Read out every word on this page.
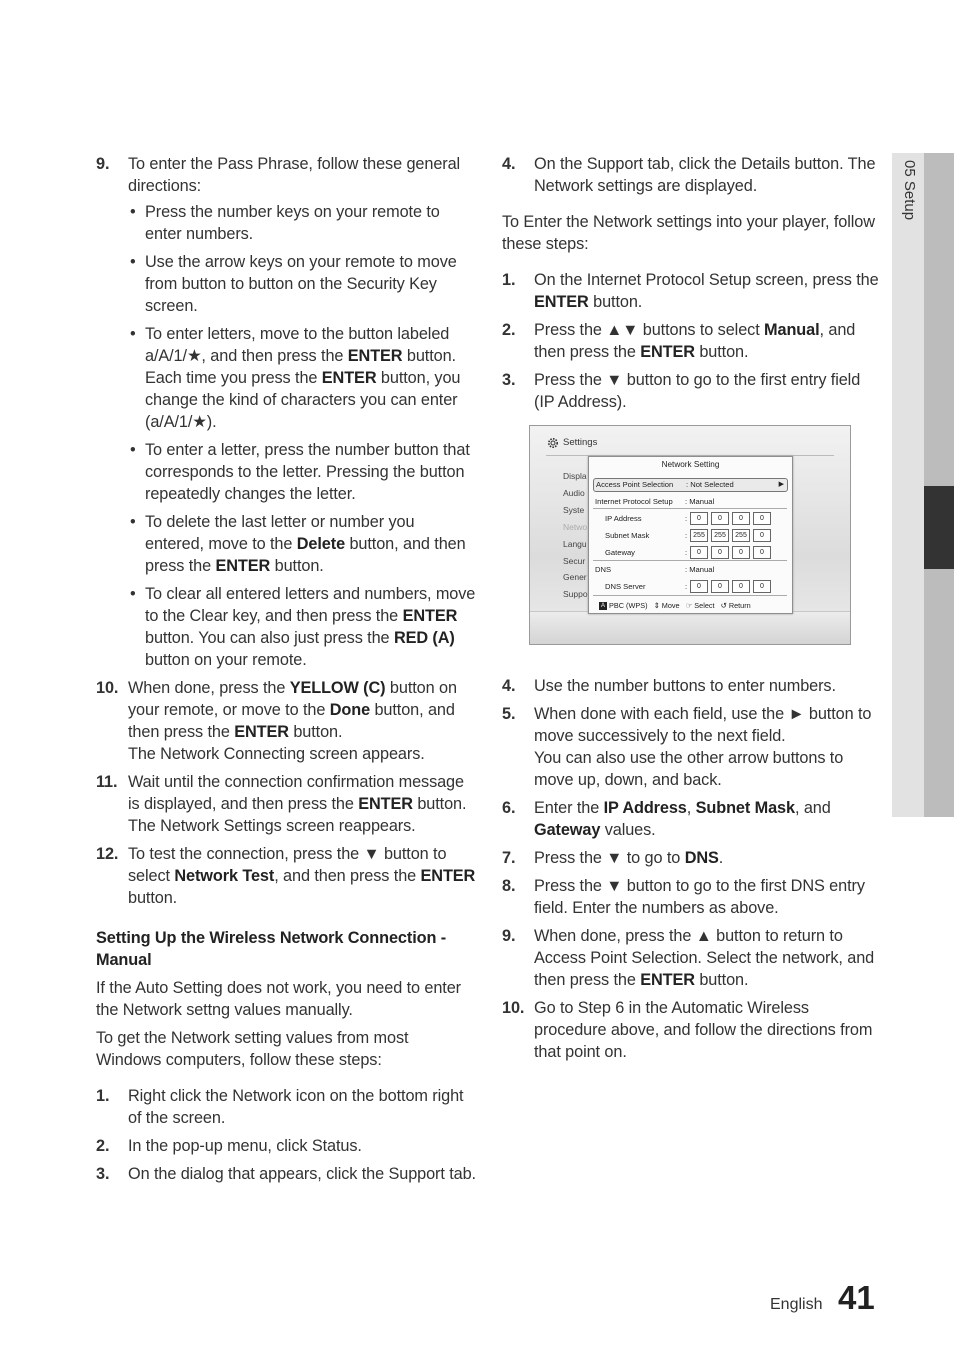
05 Setup
9. To enter the Pass Phrase, follow these general directions:
• Press the number keys on your remote to enter numbers.
• Use the arrow keys on your remote to move from button to button on the Security Key screen.
• To enter letters, move to the button labeled a/A/1/★, and then press the ENTER button. Each time you press the ENTER button, you change the kind of characters you can enter (a/A/1/★).
• To enter a letter, press the number button that corresponds to the letter. Pressing the button repeatedly changes the letter.
• To delete the last letter or number you entered, move to the Delete button, and then press the ENTER button.
• To clear all entered letters and numbers, move to the Clear key, and then press the ENTER button. You can also just press the RED (A) button on your remote.
10. When done, press the YELLOW (C) button on your remote, or move to the Done button, and then press the ENTER button.
The Network Connecting screen appears.
11. Wait until the connection confirmation message is displayed, and then press the ENTER button. The Network Settings screen reappears.
12. To test the connection, press the ▼ button to select Network Test, and then press the ENTER button.
Setting Up the Wireless Network Connection - Manual
If the Auto Setting does not work, you need to enter the Network settng values manually.
To get the Network setting values from most Windows computers, follow these steps:
1. Right click the Network icon on the bottom right of the screen.
2. In the pop-up menu, click Status.
3. On the dialog that appears, click the Support tab.
4. On the Support tab, click the Details button. The Network settings are displayed.
To Enter the Network settings into your player, follow these steps:
1. On the Internet Protocol Setup screen, press the ENTER button.
2. Press the ▲▼ buttons to select Manual, and then press the ENTER button.
3. Press the ▼ button to go to the first entry field (IP Address).
Settings
Displa
Audio
Syste
Netwo
Langu
Secur
Gener
Suppo
Network Setting
Access Point Selection : Not Selected	▶
Internet Protocol Setup : Manual
IP Address	:	0 0 0 0
Subnet Mask	: 255 255 255 0
Gateway	:	0 0 0 0
DNS	: Manual
DNS Server	:	0 0 0 0
A PBC (WPS) ⇕ Move ☞ Select ↺ Return
4. Use the number buttons to enter numbers.
5. When done with each field, use the ► button to move successively to the next field.
You can also use the other arrow buttons to move up, down, and back.
6. Enter the IP Address, Subnet Mask, and Gateway values.
7. Press the ▼ to go to DNS.
8. Press the ▼ button to go to the first DNS entry field. Enter the numbers as above.
9. When done, press the ▲ button to return to Access Point Selection. Select the network, and then press the ENTER button.
10. Go to Step 6 in the Automatic Wireless procedure above, and follow the directions from that point on.
English 41
